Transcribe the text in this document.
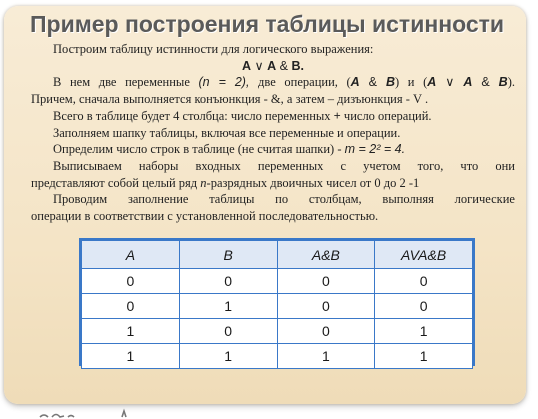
Пример построения таблицы истинности

Построим таблицу истинности для логического выражения:

A ∨ A & B.

В нем две переменные (n = 2), две операции, (A & B) и (A ∨ A & B).

Причем, сначала выполняется конъюнкция - &, а затем – дизъюнкция - V .

Всего в таблице будет 4 столбца: число переменных + число операций.

Заполняем шапку таблицы, включая все переменные и операции.

Определим число строк в таблице (не считая шапки) - m = 2² = 4.

Выписываем наборы входных переменных с учетом того, что они

представляют собой целый ряд n-разрядных двоичных чисел от 0 до 2 -1

Проводим заполнение таблицы по столбцам, выполняя логические

операции в соответствии с установленной последовательностью.

A	B	A&B	AVA&B
0	0	0	0
0	1	0	0
1	0	0	1
1	1	1	1
